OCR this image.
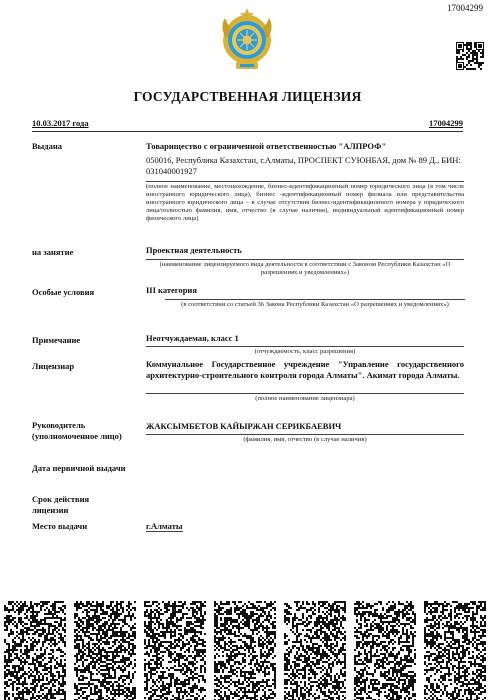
17004299
ГОСУДАРСТВЕННАЯ ЛИЦЕНЗИЯ
10.03.2017 года	17004299
Выдана	Товарищество с ограниченной ответственностью "АЛПРОФ"
050016, Республика Казахстан, г.Алматы, ПРОСПЕКТ СУЮНБАЯ, дом № 89 Д., БИН: 031040001927
(полное наименование, местонахождение, бизнес-идентификационный номер юридического лица (в том числе иностранного юридического лица), бизнес -идентификационный номер филиала или представительства иностранного юридического лица – в случае отсутствия бизнес-идентификационного номера у юридического лица/полностью фамилия, имя, отчество (в случае наличия), индивидуальный идентификационный номер физического лица)
на занятие	Проектная деятельность
(наименование лицензируемого вида деятельности в соответствии с Законом Республики Казахстан «О разрешениях и уведомлениях»)
Особые условия	III категория
(в соответствии со статьей 36 Закона Республики Казахстан «О разрешениях и уведомлениях»)
Примечание	Неотчуждаемая, класс 1
(отчуждаемость, класс разрешения)
Лицензиар	Коммунальное Государственное учреждение "Управление государственного архитектурно-строительного контроля города Алматы". Акимат города Алматы.
(полное наименование лицензиара)
Руководитель
(уполномоченное лицо)
ЖАКСЫМБЕТОВ КАЙЫРЖАН СЕРИКБАЕВИЧ
(фамилия, имя, отчество (в случае наличия)
Дата первичной выдачи
Срок действия
лицензии
Место выдачи	г.Алматы
